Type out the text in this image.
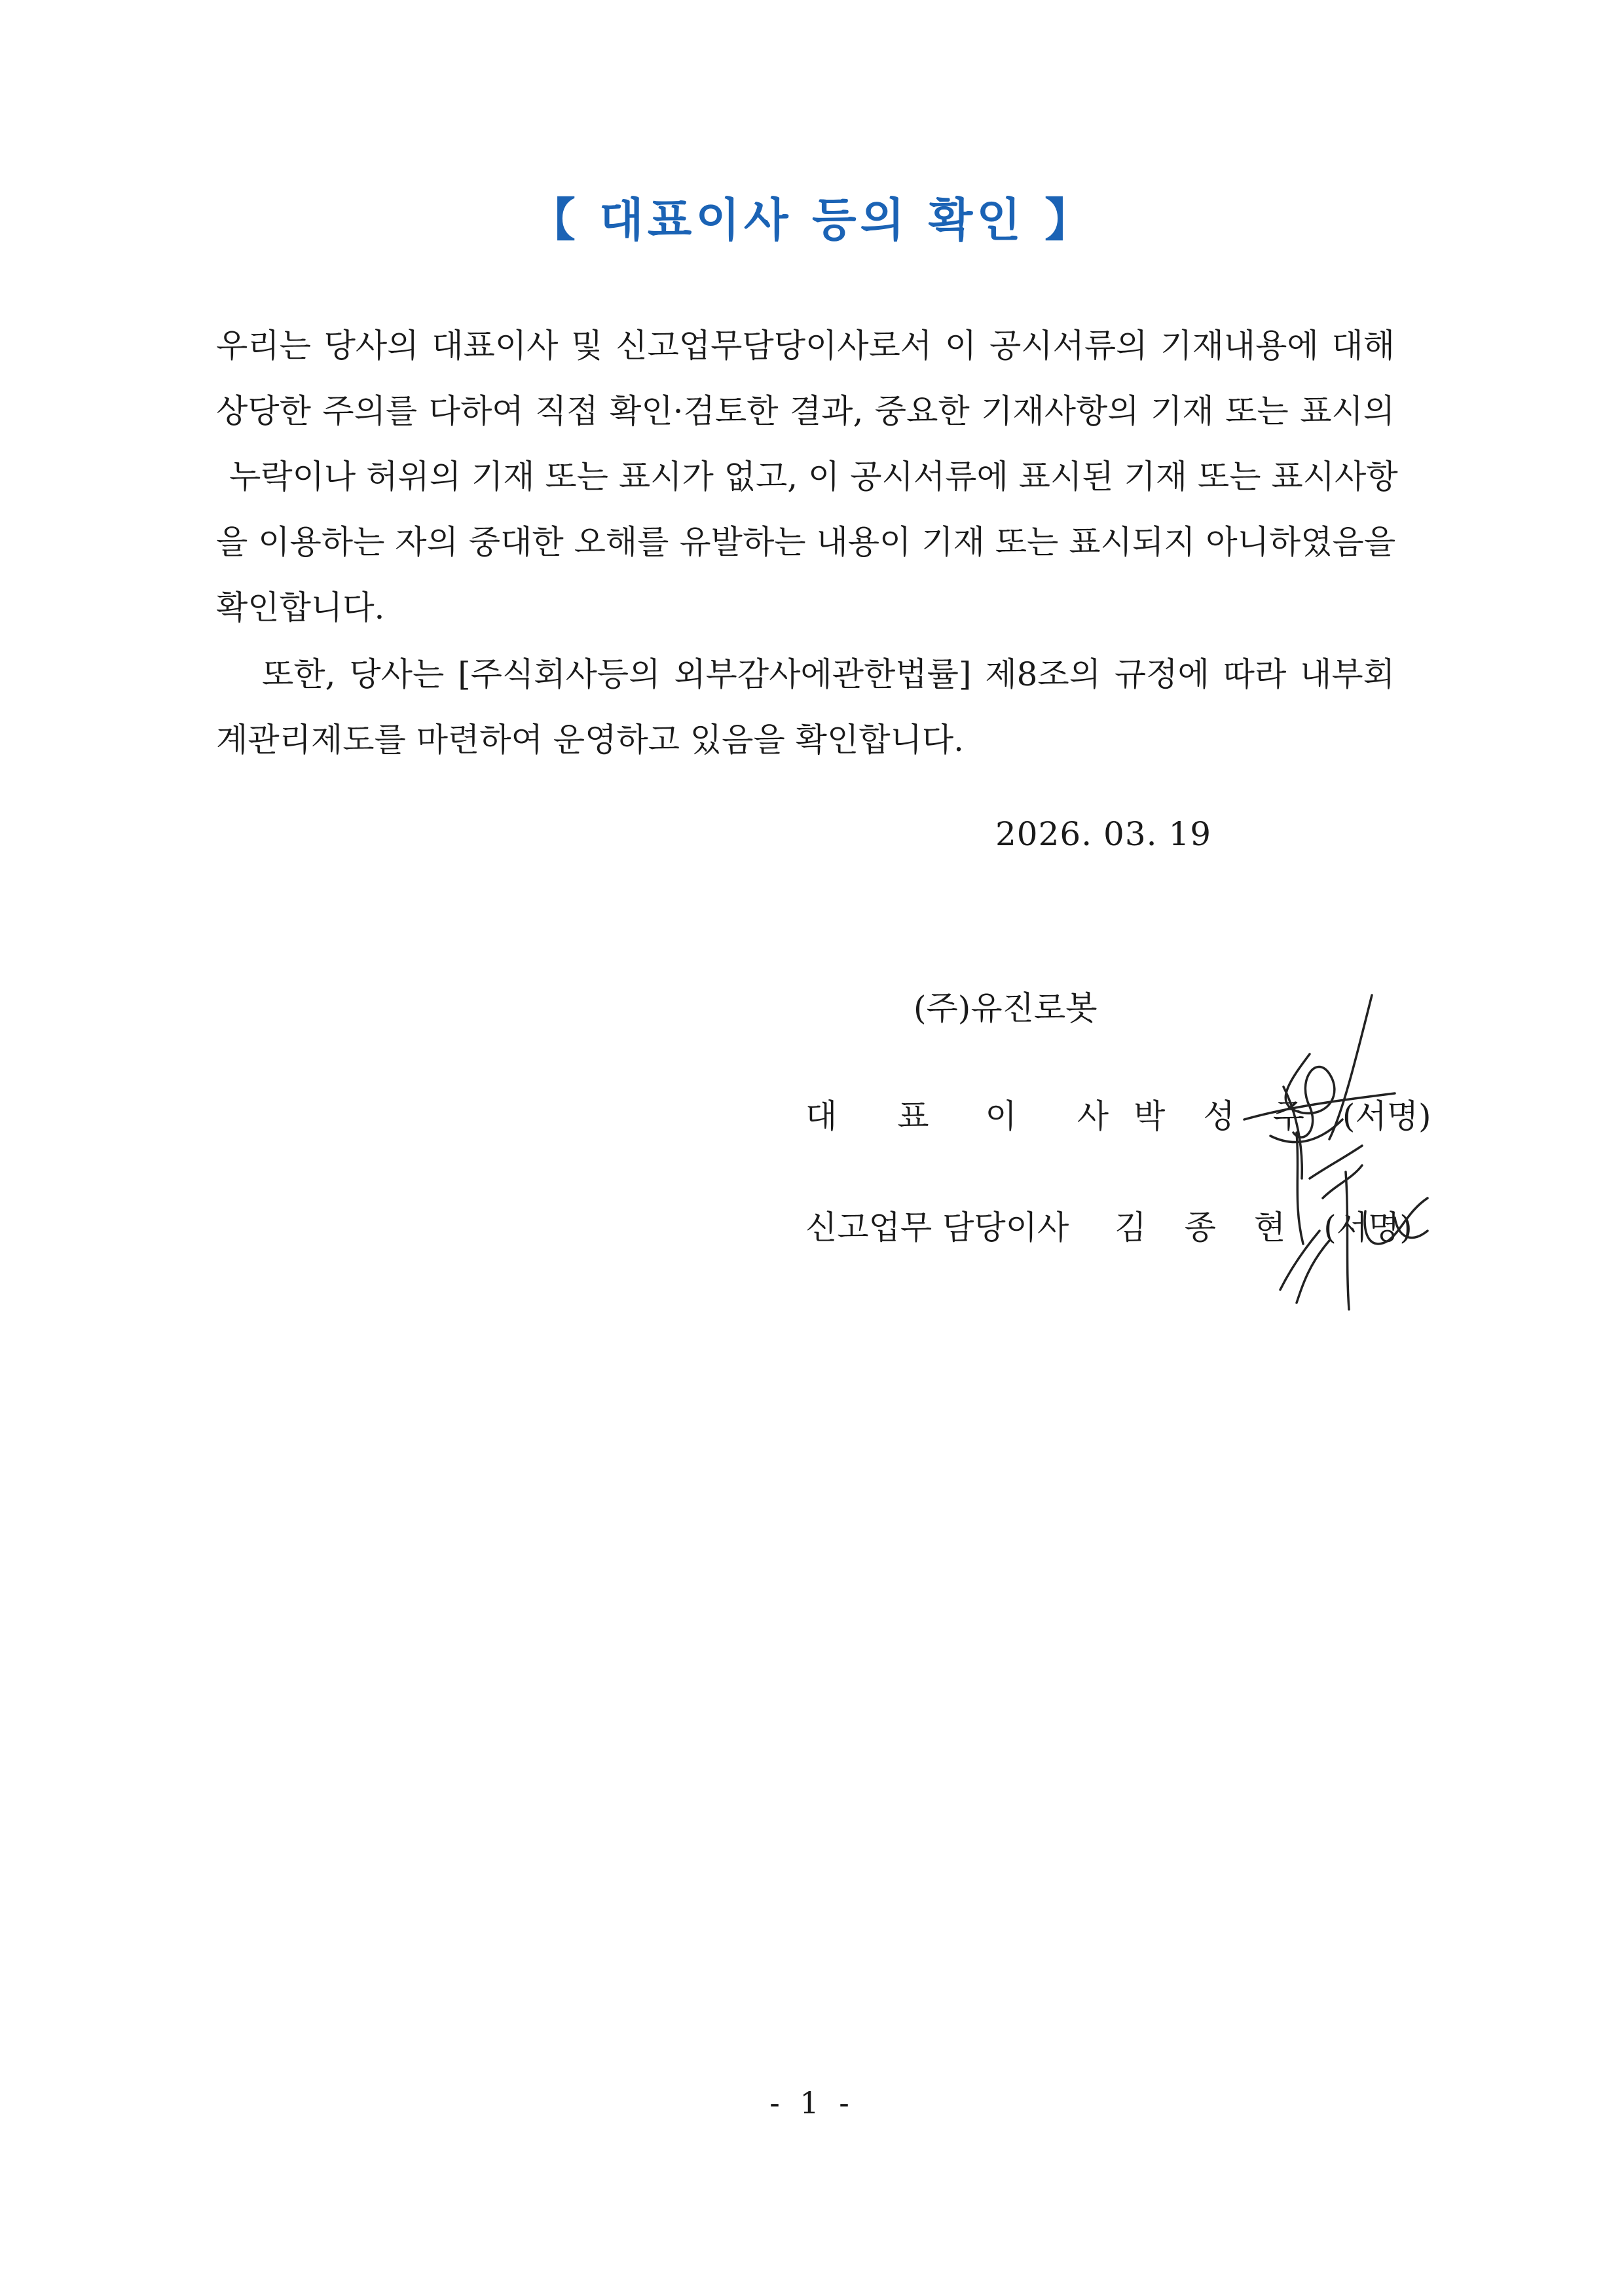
【 대표이사 등의 확인 】
우리는 당사의 대표이사 및 신고업무담당이사로서 이 공시서류의 기재내용에 대해
상당한 주의를 다하여 직접 확인·검토한 결과, 중요한 기재사항의 기재 또는 표시의
누락이나 허위의 기재 또는 표시가 없고, 이 공시서류에 표시된 기재 또는 표시사항
을 이용하는 자의 중대한 오해를 유발하는 내용이 기재 또는 표시되지 아니하였음을
확인합니다.
또한, 당사는 [주식회사등의 외부감사에관한법률] 제8조의 규정에 따라 내부회
계관리제도를 마련하여 운영하고 있음을 확인합니다.
2026. 03. 19
(주)유진로봇
대 표 이 사박성주(서명)
신고업무 담당이사 김종현(서명)
- 1 -
